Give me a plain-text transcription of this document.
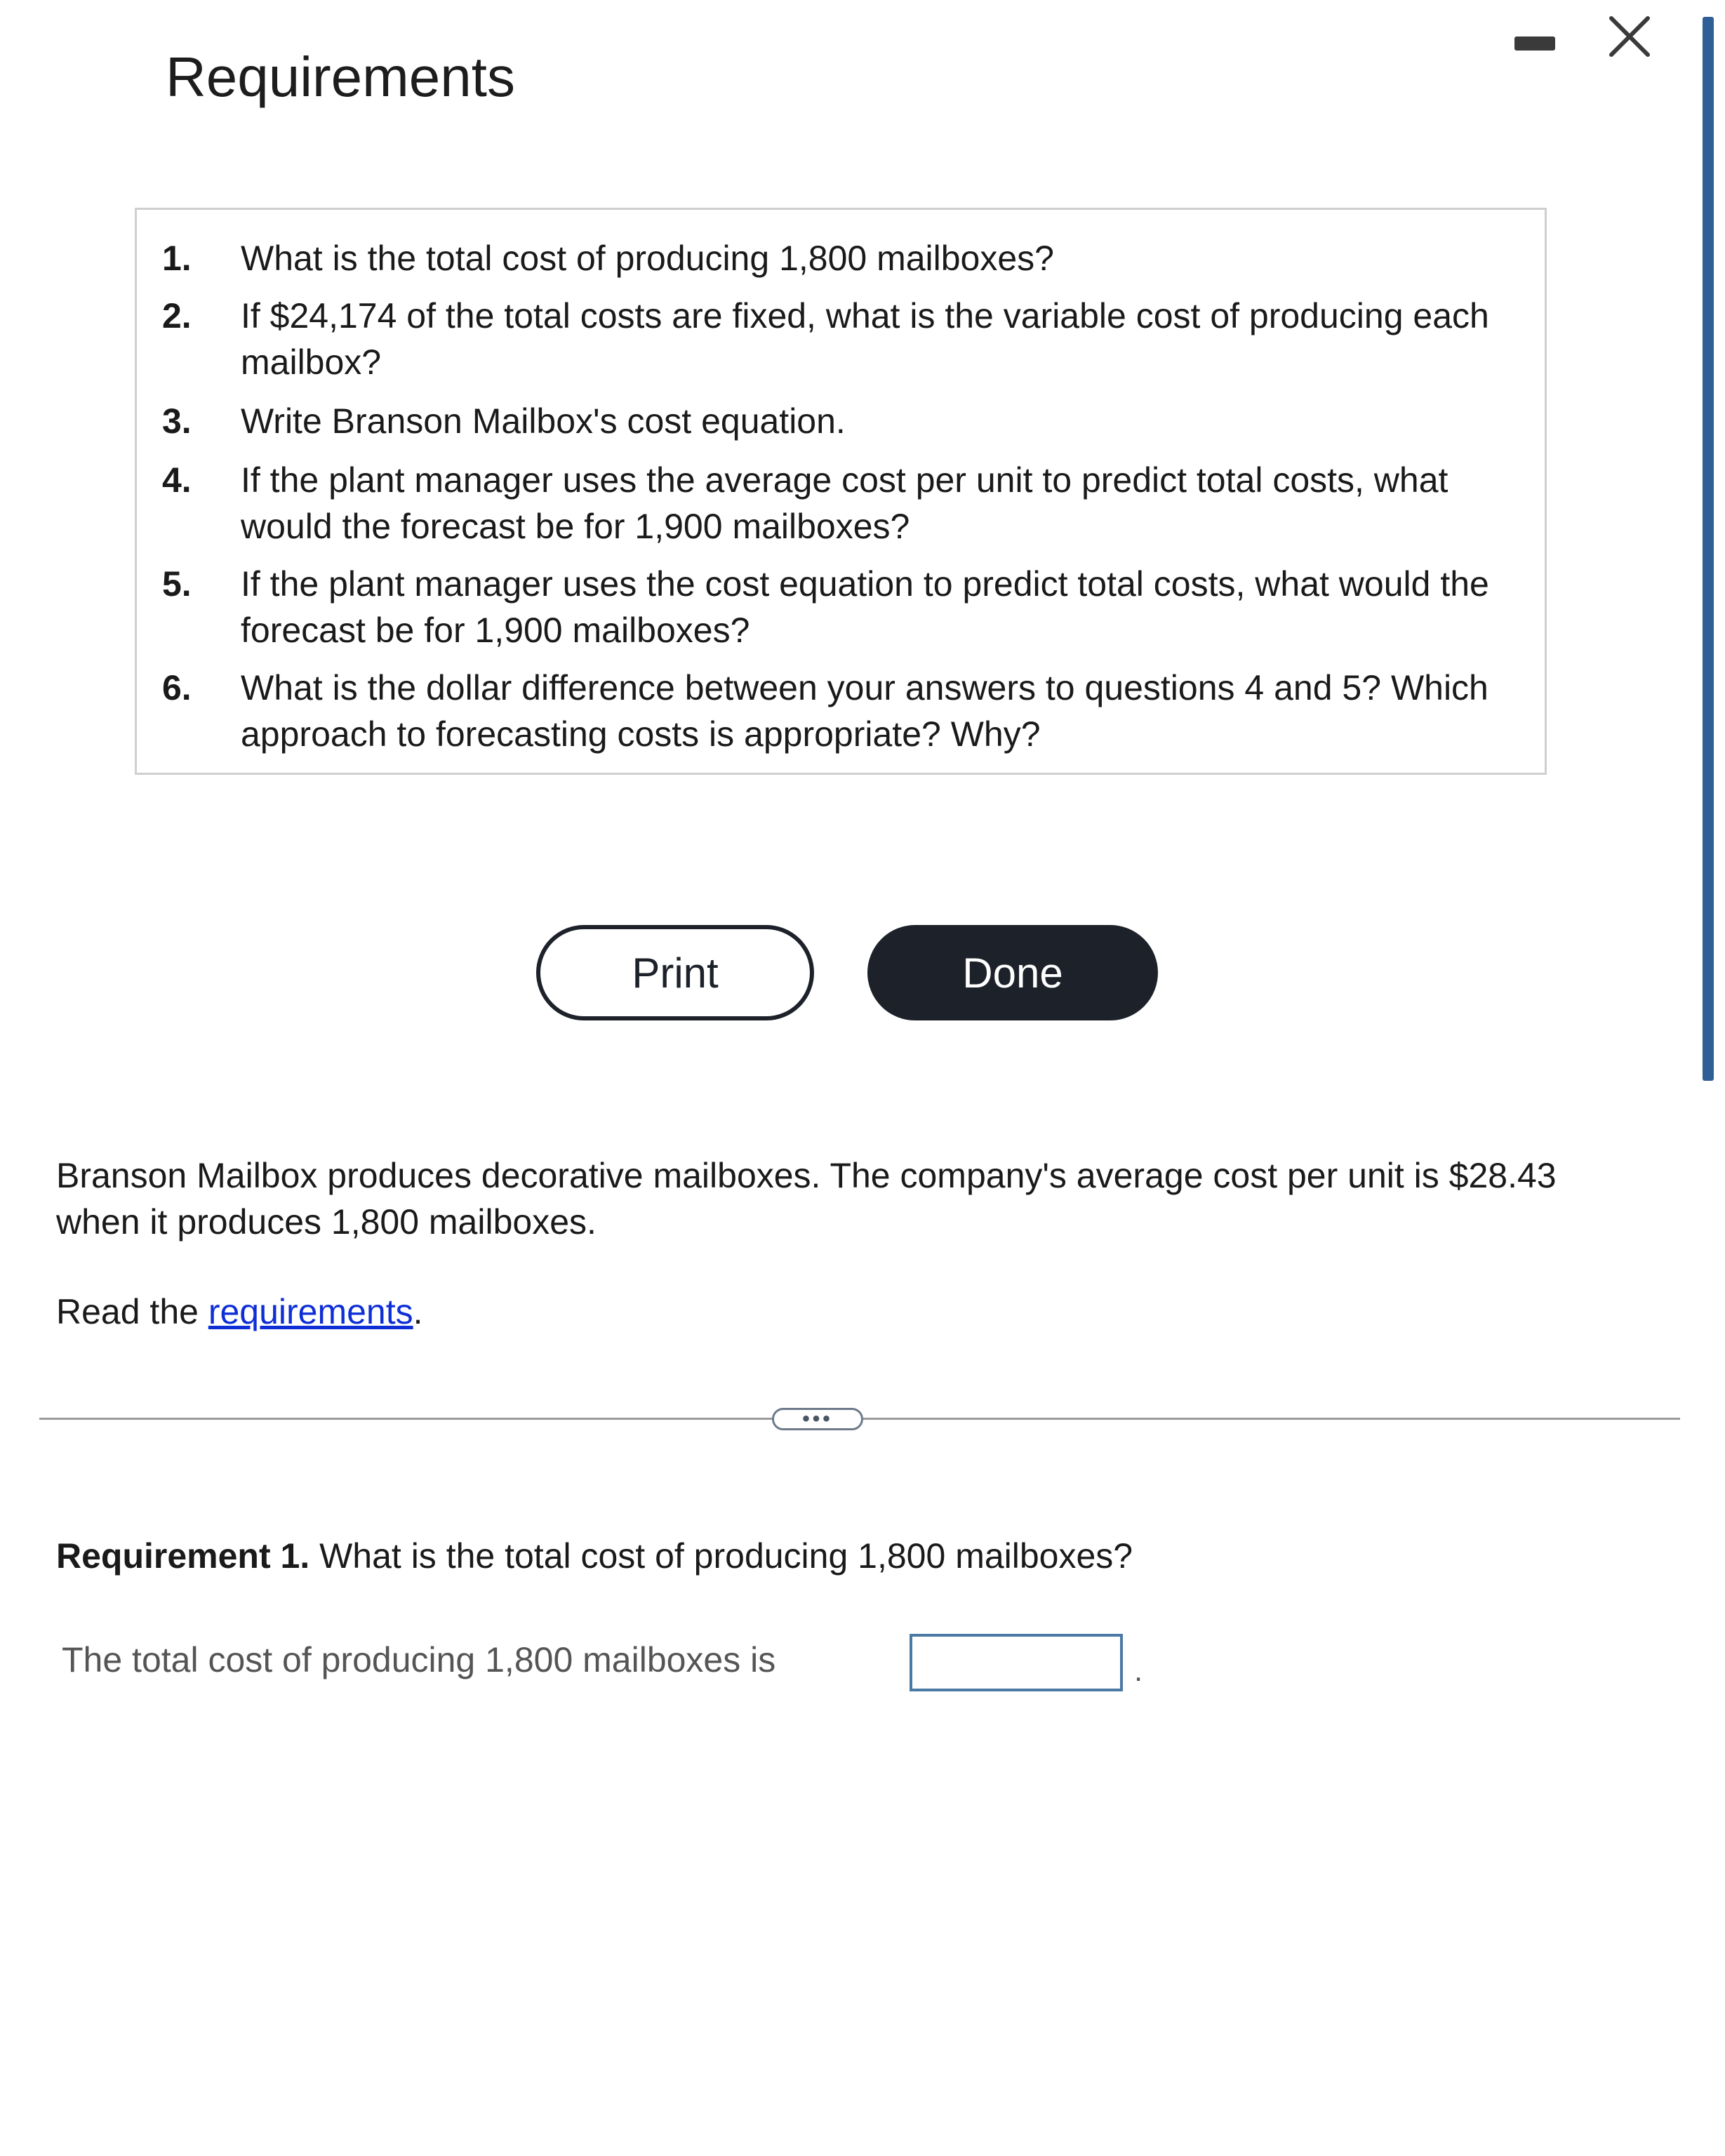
Requirements
1. What is the total cost of producing 1,800 mailboxes?
2. If $24,174 of the total costs are fixed, what is the variable cost of producing each mailbox?
3. Write Branson Mailbox's cost equation.
4. If the plant manager uses the average cost per unit to predict total costs, what would the forecast be for 1,900 mailboxes?
5. If the plant manager uses the cost equation to predict total costs, what would the forecast be for 1,900 mailboxes?
6. What is the dollar difference between your answers to questions 4 and 5? Which approach to forecasting costs is appropriate? Why?
Print	Done

Branson Mailbox produces decorative mailboxes. The company's average cost per unit is $28.43 when it produces 1,800 mailboxes.

Read the requirements.

•••

Requirement 1. What is the total cost of producing 1,800 mailboxes?

The total cost of producing 1,800 mailboxes is	.
